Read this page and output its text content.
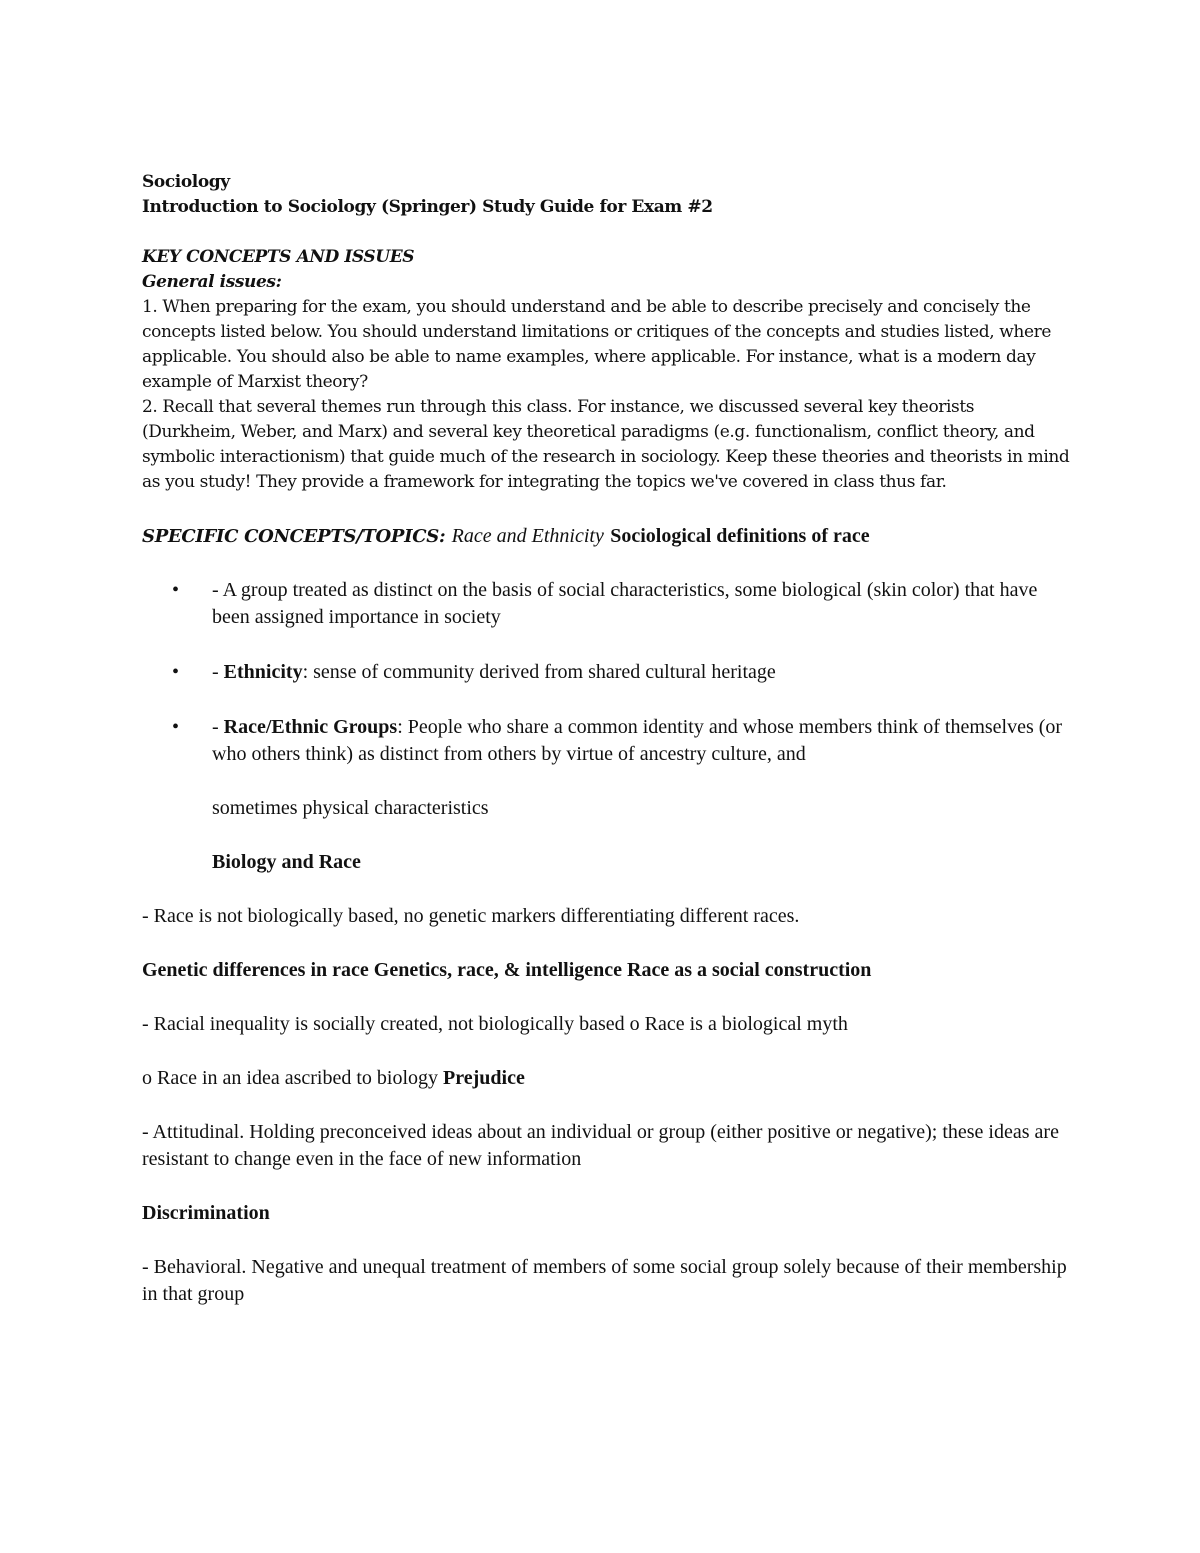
Sociology

Introduction to Sociology (Springer) Study Guide for Exam #2

KEY CONCEPTS AND ISSUES

General issues:

1. When preparing for the exam, you should understand and be able to describe precisely and concisely the concepts listed below. You should understand limitations or critiques of the concepts and studies listed, where applicable. You should also be able to name examples, where applicable. For instance, what is a modern day example of Marxist theory?

2. Recall that several themes run through this class. For instance, we discussed several key theorists (Durkheim, Weber, and Marx) and several key theoretical paradigms (e.g. functionalism, conflict theory, and symbolic interactionism) that guide much of the research in sociology. Keep these theories and theorists in mind as you study! They provide a framework for integrating the topics we've covered in class thus far.

SPECIFIC CONCEPTS/TOPICS: Race and Ethnicity Sociological definitions of race

• - A group treated as distinct on the basis of social characteristics, some biological (skin color) that have been assigned importance in society
• - Ethnicity: sense of community derived from shared cultural heritage
• - Race/Ethnic Groups: People who share a common identity and whose members think of themselves (or who others think) as distinct from others by virtue of ancestry culture, and

sometimes physical characteristics

Biology and Race

- Race is not biologically based, no genetic markers differentiating different races.

Genetic differences in race Genetics, race, & intelligence Race as a social construction

- Racial inequality is socially created, not biologically based o Race is a biological myth

o Race in an idea ascribed to biology Prejudice

- Attitudinal. Holding preconceived ideas about an individual or group (either positive or negative); these ideas are resistant to change even in the face of new information

Discrimination

- Behavioral. Negative and unequal treatment of members of some social group solely because of their membership in that group
